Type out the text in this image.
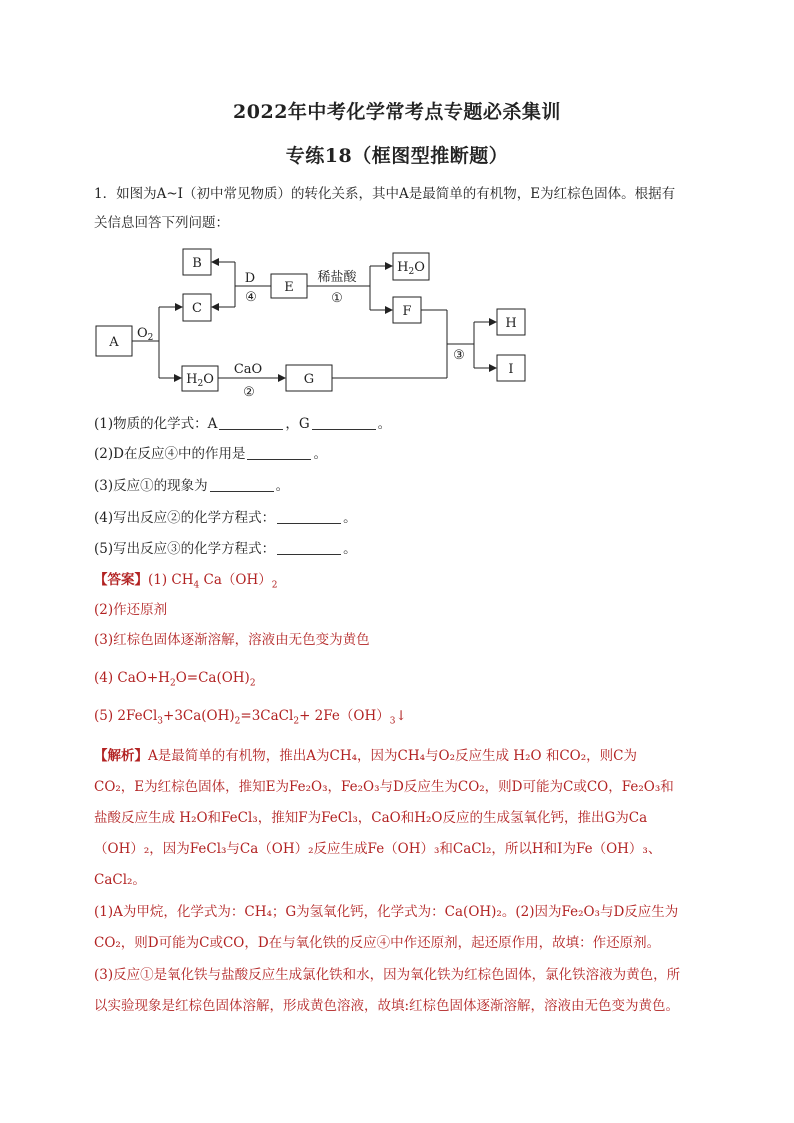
2022年中考化学常考点专题必杀集训
专练18（框图型推断题）
1．如图为A~I（初中常见物质）的转化关系，其中A是最简单的有机物，E为红棕色固体。根据有
关信息回答下列问题：
A
B
C
E
F
G
H
I
$H_2O$
$H_2O$
$O_2$
D
④
稀盐酸
①
CaO
②
③
(1)物质的化学式：A	，G	。
(2)D在反应④中的作用是	。
(3)反应①的现象为	。
(4)写出反应②的化学方程式：	。
(5)写出反应③的化学方程式：	。
【答案】(1) $CH_4$ $Ca(OH)_2$
(2)作还原剂
(3)红棕色固体逐渐溶解，溶液由无色变为黄色
(4) $CaO+H_2O=Ca(OH)_2$
(5) $2FeCl_3+3Ca(OH)_2=3CaCl_2+$ $2Fe(OH)_3↓$
【解析】A是最简单的有机物，推出A为CH₄，因为CH₄与O₂反应生成 H₂O 和CO₂，则C为
CO₂，E为红棕色固体，推知E为Fe₂O₃，Fe₂O₃与D反应生为CO₂，则D可能为C或CO，Fe₂O₃和
盐酸反应生成 H₂O和FeCl₃，推知F为FeCl₃，CaO和H₂O反应的生成氢氧化钙，推出G为Ca
（OH）₂，因为FeCl₃与Ca（OH）₂反应生成Fe（OH）₃和CaCl₂，所以H和I为Fe（OH）₃、
CaCl₂。
(1)A为甲烷，化学式为：CH₄；G为氢氧化钙，化学式为：Ca(OH)₂。(2)因为Fe₂O₃与D反应生为
CO₂，则D可能为C或CO，D在与氧化铁的反应④中作还原剂，起还原作用，故填：作还原剂。
(3)反应①是氧化铁与盐酸反应生成氯化铁和水，因为氧化铁为红棕色固体，氯化铁溶液为黄色，所
以实验现象是红棕色固体溶解，形成黄色溶液，故填:红棕色固体逐渐溶解，溶液由无色变为黄色。
